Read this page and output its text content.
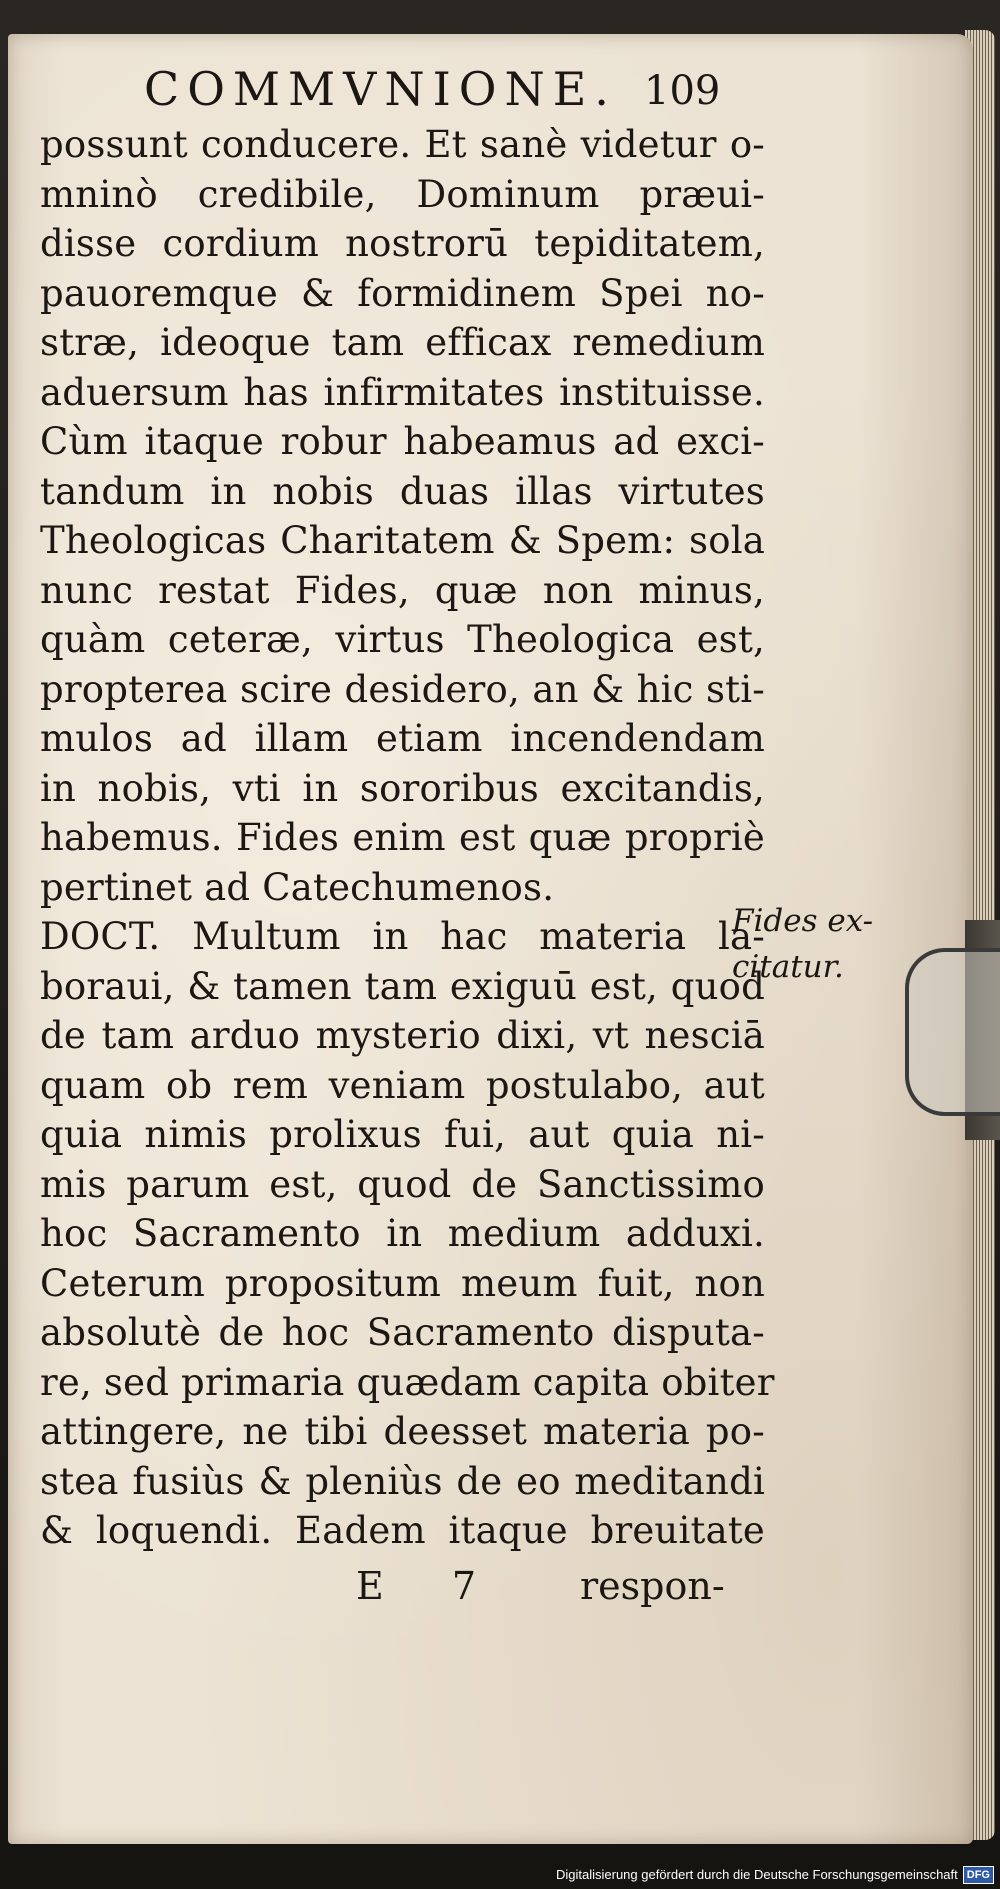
COMMVNIONE. 109
possunt conducere. Et sanè videtur o-
mninò credibile, Dominum præui-
disse cordium nostrorū tepiditatem,
pauoremque & formidinem Spei no-
stræ, ideoque tam efficax remedium
aduersum has infirmitates instituisse.
Cùm itaque robur habeamus ad exci-
tandum in nobis duas illas virtutes
Theologicas Charitatem & Spem: sola
nunc restat Fides, quæ non minus,
quàm ceteræ, virtus Theologica est,
propterea scire desidero, an & hic sti-
mulos ad illam etiam incendendam
in nobis, vti in sororibus excitandis,
habemus. Fides enim est quæ propriè
pertinet ad Catechumenos.
DOCT. Multum in hac materia la-
boraui, & tamen tam exiguū est, quod
de tam arduo mysterio dixi, vt nesciā
quam ob rem veniam postulabo, aut
quia nimis prolixus fui, aut quia ni-
mis parum est, quod de Sanctissimo
hoc Sacramento in medium adduxi.
Ceterum propositum meum fuit, non
absolutè de hoc Sacramento disputa-
re, sed primaria quædam capita obiter
attingere, ne tibi deesset materia po-
stea fusiùs & pleniùs de eo meditandi
& loquendi. Eadem itaque breuitate
E 7 respon-
Fides ex-
citatur.
Digitalisierung gefördert durch die Deutsche Forschungsgemeinschaft DFG
